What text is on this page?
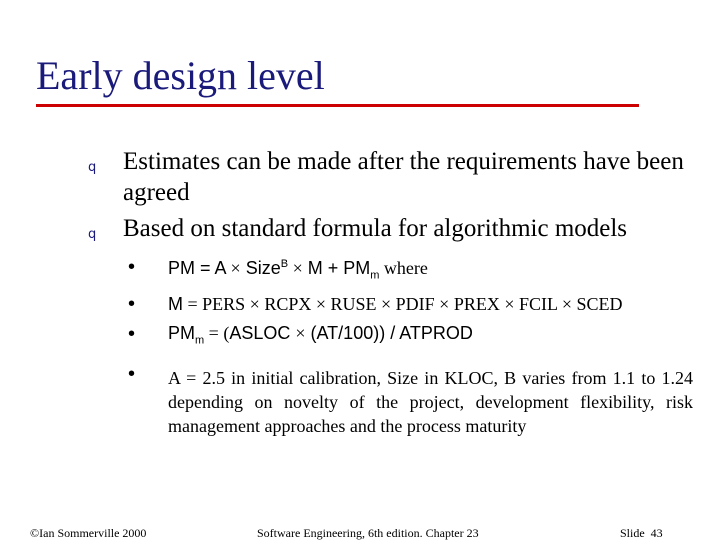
Early design level
q Estimates can be made after the requirements have been agreed
q Based on standard formula for algorithmic models
• PM = A × Size$^B$ × $M + PM_m$ where
• M = PERS × RCPX × RUSE × PDIF × PREX × FCIL × SCED
• $PM_m$ = (ASLOC × (AT/100)) / ATPROD
• A = 2.5 in initial calibration, Size in KLOC, B varies from 1.1 to 1.24 depending on novelty of the project, development flexibility, risk management approaches and the process maturity
©Ian Sommerville 2000	Software Engineering, 6th edition. Chapter 23	Slide  43
